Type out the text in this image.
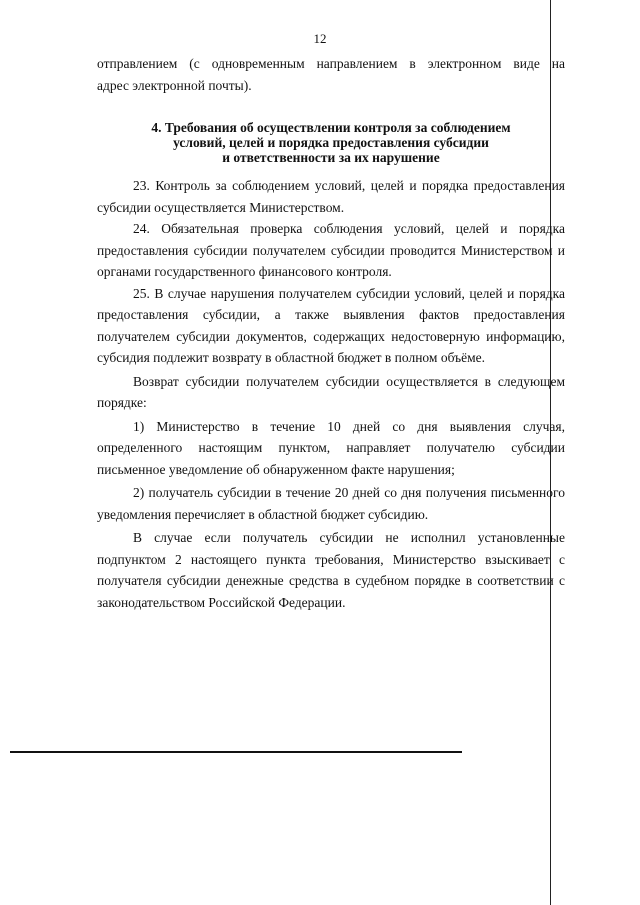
12

отправлением (с одновременным направлением в электронном виде на

адрес электронной почты).

4. Требования об осуществлении контроля за соблюдением
условий, целей и порядка предоставления субсидии
и ответственности за их нарушение

23. Контроль за соблюдением условий, целей и порядка предоставления субсидии осуществляется Министерством.

24. Обязательная проверка соблюдения условий, целей и порядка предоставления субсидии получателем субсидии проводится Министерством и органами государственного финансового контроля.

25. В случае нарушения получателем субсидии условий, целей и порядка предоставления субсидии, а также выявления фактов предоставления получателем субсидии документов, содержащих недостоверную информацию, субсидия подлежит возврату в областной бюджет в полном объёме.

Возврат субсидии получателем субсидии осуществляется в следующем порядке:

1) Министерство в течение 10 дней со дня выявления случая, определенного настоящим пунктом, направляет получателю субсидии письменное уведомление об обнаруженном факте нарушения;

2) получатель субсидии в течение 20 дней со дня получения письменного уведомления перечисляет в областной бюджет субсидию.

В случае если получатель субсидии не исполнил установленные подпунктом 2 настоящего пункта требования, Министерство взыскивает с получателя субсидии денежные средства в судебном порядке в соответствии с законодательством Российской Федерации.
